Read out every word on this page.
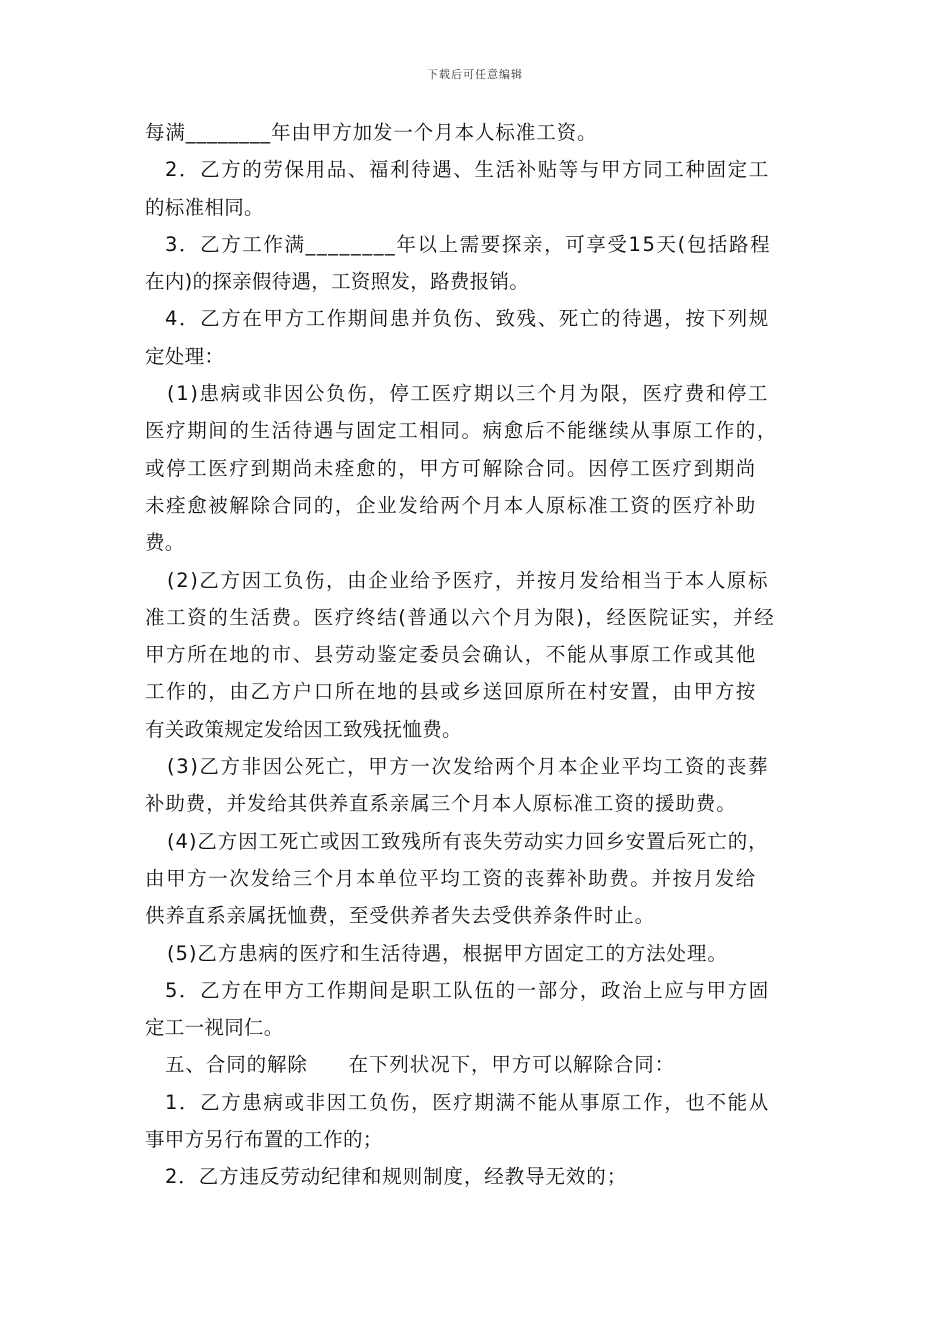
下载后可任意编辑
每满________年由甲方加发一个月本人标准工资。
2．乙方的劳保用品、福利待遇、生活补贴等与甲方同工种固定工
的标准相同。
3．乙方工作满________年以上需要探亲，可享受15天(包括路程
在内)的探亲假待遇，工资照发，路费报销。
4．乙方在甲方工作期间患并负伤、致残、死亡的待遇，按下列规
定处理：
(1)患病或非因公负伤，停工医疗期以三个月为限，医疗费和停工
医疗期间的生活待遇与固定工相同。病愈后不能继续从事原工作的，
或停工医疗到期尚未痊愈的，甲方可解除合同。因停工医疗到期尚
未痊愈被解除合同的，企业发给两个月本人原标准工资的医疗补助
费。
(2)乙方因工负伤，由企业给予医疗，并按月发给相当于本人原标
准工资的生活费。医疗终结(普通以六个月为限)，经医院证实，并经
甲方所在地的市、县劳动鉴定委员会确认，不能从事原工作或其他
工作的，由乙方户口所在地的县或乡送回原所在村安置，由甲方按
有关政策规定发给因工致残抚恤费。
(3)乙方非因公死亡，甲方一次发给两个月本企业平均工资的丧葬
补助费，并发给其供养直系亲属三个月本人原标准工资的援助费。
(4)乙方因工死亡或因工致残所有丧失劳动实力回乡安置后死亡的，
由甲方一次发给三个月本单位平均工资的丧葬补助费。并按月发给
供养直系亲属抚恤费，至受供养者失去受供养条件时止。
(5)乙方患病的医疗和生活待遇，根据甲方固定工的方法处理。
5．乙方在甲方工作期间是职工队伍的一部分，政治上应与甲方固
定工一视同仁。
五、合同的解除　　在下列状况下，甲方可以解除合同：
1．乙方患病或非因工负伤，医疗期满不能从事原工作，也不能从
事甲方另行布置的工作的；
2．乙方违反劳动纪律和规则制度，经教导无效的；
